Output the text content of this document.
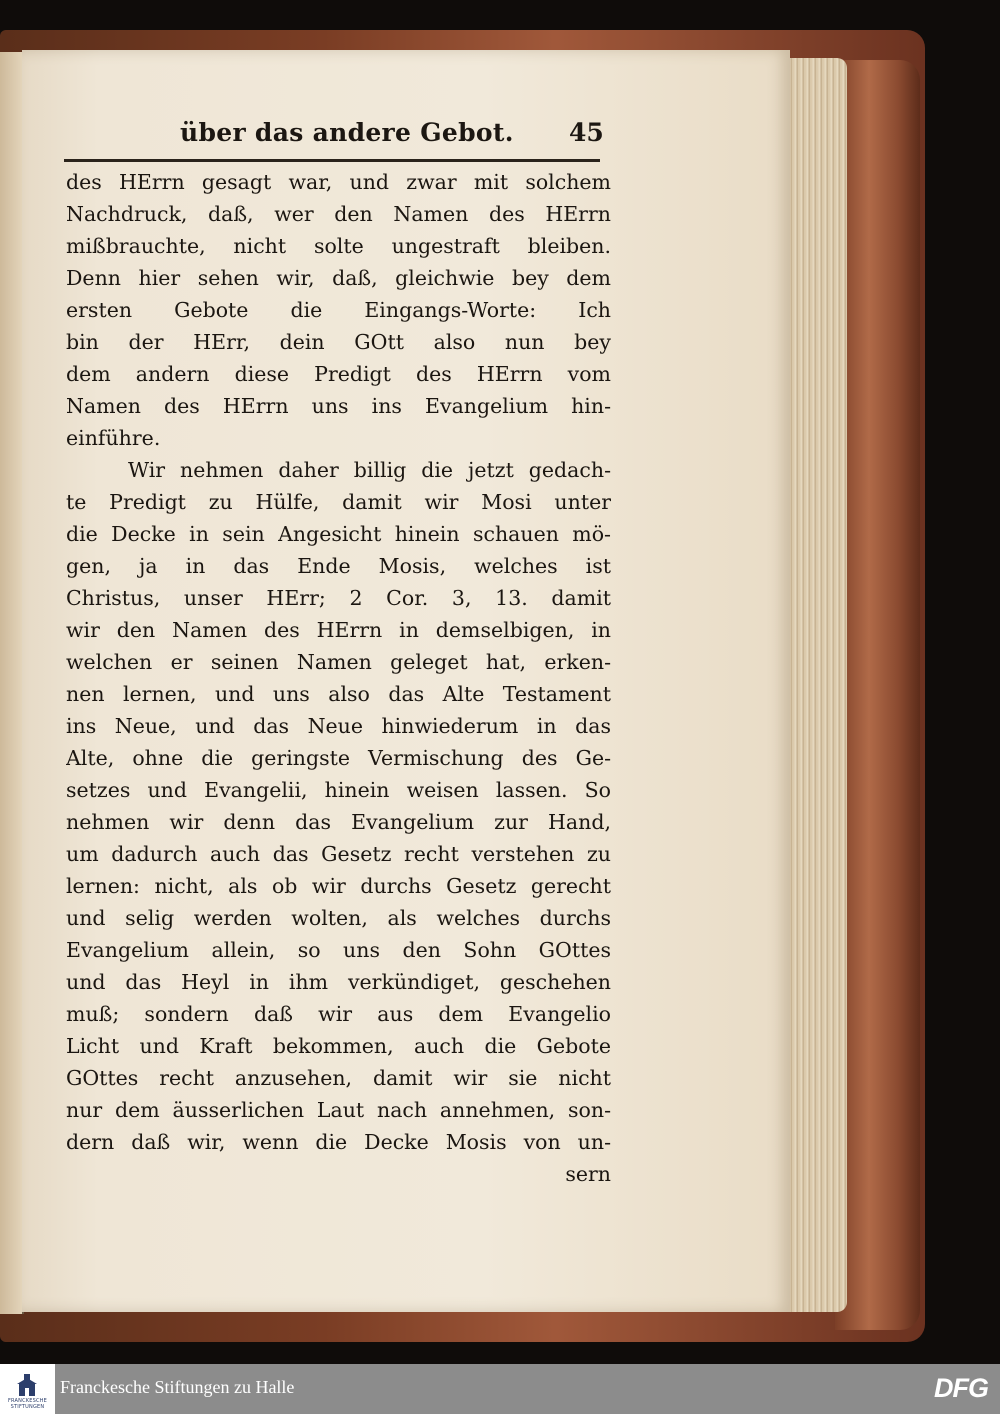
über das andere Gebot. 45
des HErrn gesagt war, und zwar mit solchem
Nachdruck, daß, wer den Namen des HErrn
mißbrauchte, nicht solte ungestraft bleiben.
Denn hier sehen wir, daß, gleichwie bey dem
ersten Gebote die Eingangs-Worte: Ich
bin der HErr, dein GOtt also nun bey
dem andern diese Predigt des HErrn vom
Namen des HErrn uns ins Evangelium hin-
einführe.
Wir nehmen daher billig die jetzt gedach-
te Predigt zu Hülfe, damit wir Mosi unter
die Decke in sein Angesicht hinein schauen mö-
gen, ja in das Ende Mosis, welches ist
Christus, unser HErr; 2 Cor. 3, 13. damit
wir den Namen des HErrn in demselbigen, in
welchen er seinen Namen geleget hat, erken-
nen lernen, und uns also das Alte Testament
ins Neue, und das Neue hinwiederum in das
Alte, ohne die geringste Vermischung des Ge-
setzes und Evangelii, hinein weisen lassen. So
nehmen wir denn das Evangelium zur Hand,
um dadurch auch das Gesetz recht verstehen zu
lernen: nicht, als ob wir durchs Gesetz gerecht
und selig werden wolten, als welches durchs
Evangelium allein, so uns den Sohn GOttes
und das Heyl in ihm verkündiget, geschehen
muß; sondern daß wir aus dem Evangelio
Licht und Kraft bekommen, auch die Gebote
GOttes recht anzusehen, damit wir sie nicht
nur dem äusserlichen Laut nach annehmen, son-
dern daß wir, wenn die Decke Mosis von un-
sern
FRANCKESCHE
STIFTUNGEN
Franckesche Stiftungen zu Halle	DFG
